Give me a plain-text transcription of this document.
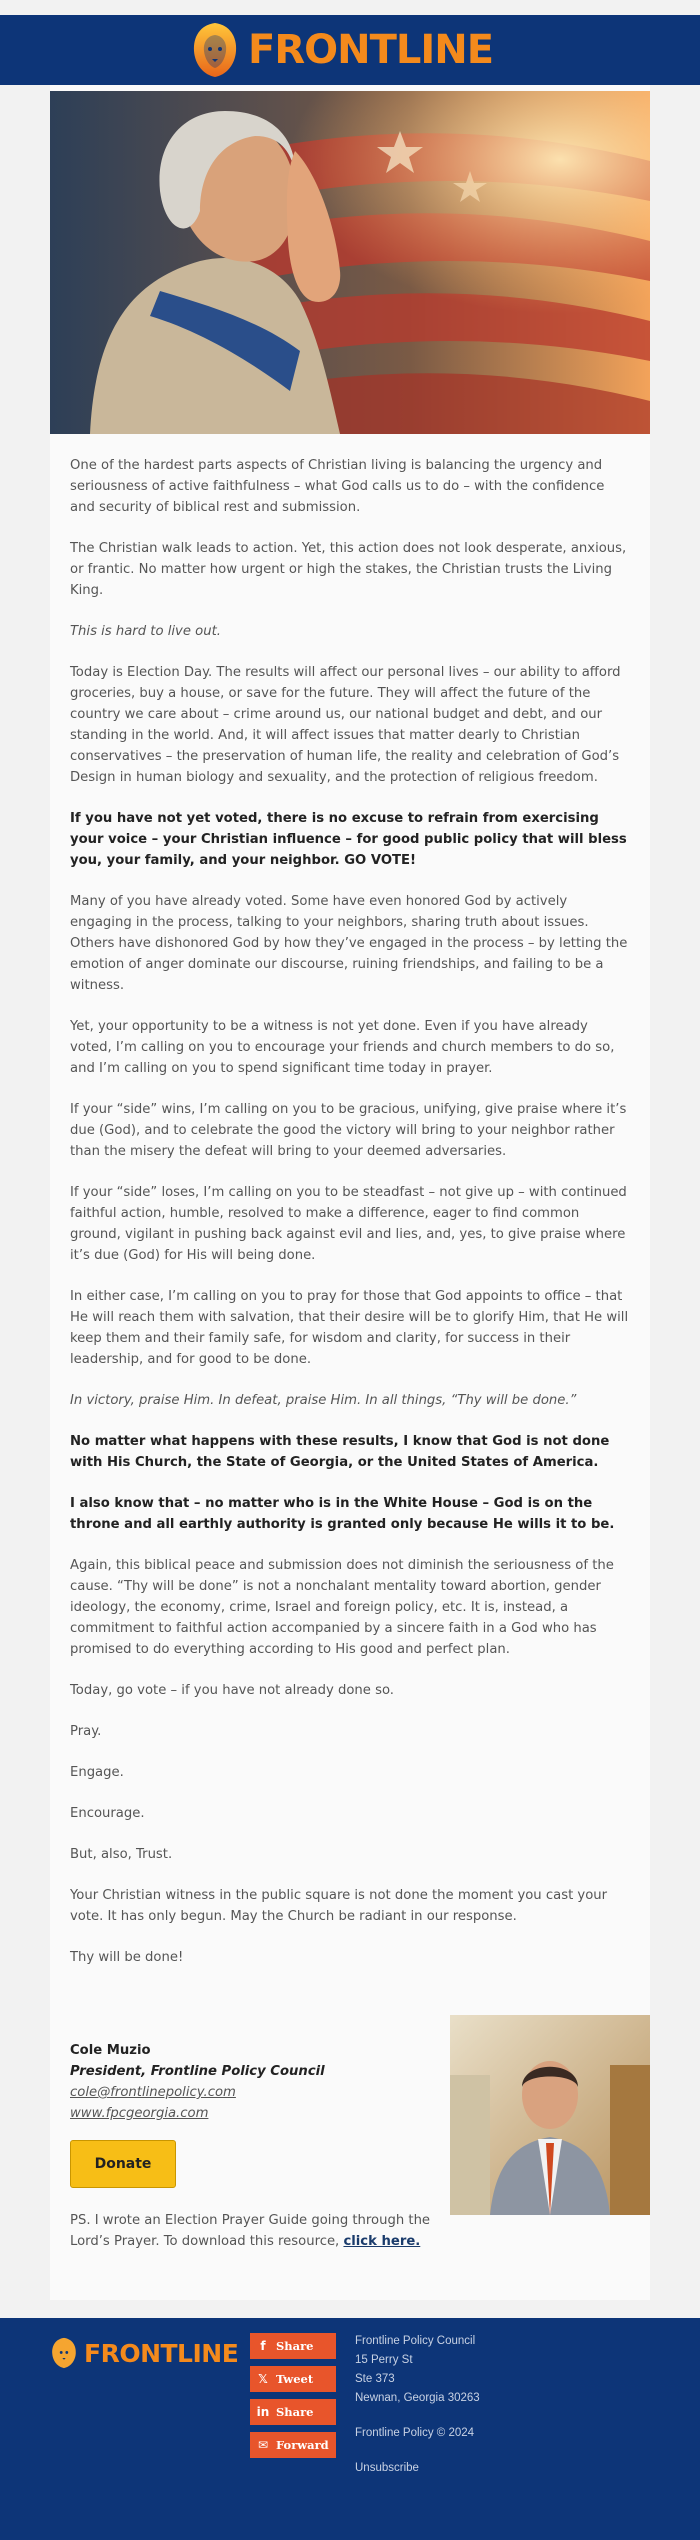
FRONTLINE

One of the hardest parts aspects of Christian living is balancing the urgency and seriousness of active faithfulness – what God calls us to do – with the confidence and security of biblical rest and submission.

The Christian walk leads to action. Yet, this action does not look desperate, anxious, or frantic. No matter how urgent or high the stakes, the Christian trusts the Living King.

This is hard to live out.

Today is Election Day. The results will affect our personal lives – our ability to afford groceries, buy a house, or save for the future. They will affect the future of the country we care about – crime around us, our national budget and debt, and our standing in the world. And, it will affect issues that matter dearly to Christian conservatives – the preservation of human life, the reality and celebration of God’s Design in human biology and sexuality, and the protection of religious freedom.

If you have not yet voted, there is no excuse to refrain from exercising your voice – your Christian influence – for good public policy that will bless you, your family, and your neighbor. GO VOTE!

Many of you have already voted. Some have even honored God by actively engaging in the process, talking to your neighbors, sharing truth about issues. Others have dishonored God by how they’ve engaged in the process – by letting the emotion of anger dominate our discourse, ruining friendships, and failing to be a witness.

Yet, your opportunity to be a witness is not yet done. Even if you have already voted, I’m calling on you to encourage your friends and church members to do so, and I’m calling on you to spend significant time today in prayer.

If your “side” wins, I’m calling on you to be gracious, unifying, give praise where it’s due (God), and to celebrate the good the victory will bring to your neighbor rather than the misery the defeat will bring to your deemed adversaries.

If your “side” loses, I’m calling on you to be steadfast – not give up – with continued faithful action, humble, resolved to make a difference, eager to find common ground, vigilant in pushing back against evil and lies, and, yes, to give praise where it’s due (God) for His will being done.

In either case, I’m calling on you to pray for those that God appoints to office – that He will reach them with salvation, that their desire will be to glorify Him, that He will keep them and their family safe, for wisdom and clarity, for success in their leadership, and for good to be done.

In victory, praise Him. In defeat, praise Him. In all things, “Thy will be done.”

No matter what happens with these results, I know that God is not done with His Church, the State of Georgia, or the United States of America.

I also know that – no matter who is in the White House – God is on the throne and all earthly authority is granted only because He wills it to be.

Again, this biblical peace and submission does not diminish the seriousness of the cause. “Thy will be done” is not a nonchalant mentality toward abortion, gender ideology, the economy, crime, Israel and foreign policy, etc. It is, instead, a commitment to faithful action accompanied by a sincere faith in a God who has promised to do everything according to His good and perfect plan.

Today, go vote – if you have not already done so.

Pray.

Engage.

Encourage.

But, also, Trust.

Your Christian witness in the public square is not done the moment you cast your vote. It has only begun. May the Church be radiant in our response.

Thy will be done!

Cole Muzio
President, Frontline Policy Council
cole@frontlinepolicy.com
www.fpcgeorgia.com
Donate
PS. I wrote an Election Prayer Guide going through the Lord’s Prayer. To download this resource, click here.
FRONTLINE	f Share
𝕏 Tweet
in Share
✉ Forward
Frontline Policy Council
15 Perry St
Ste 373
Newnan, Georgia 30263
Frontline Policy © 2024
Unsubscribe
